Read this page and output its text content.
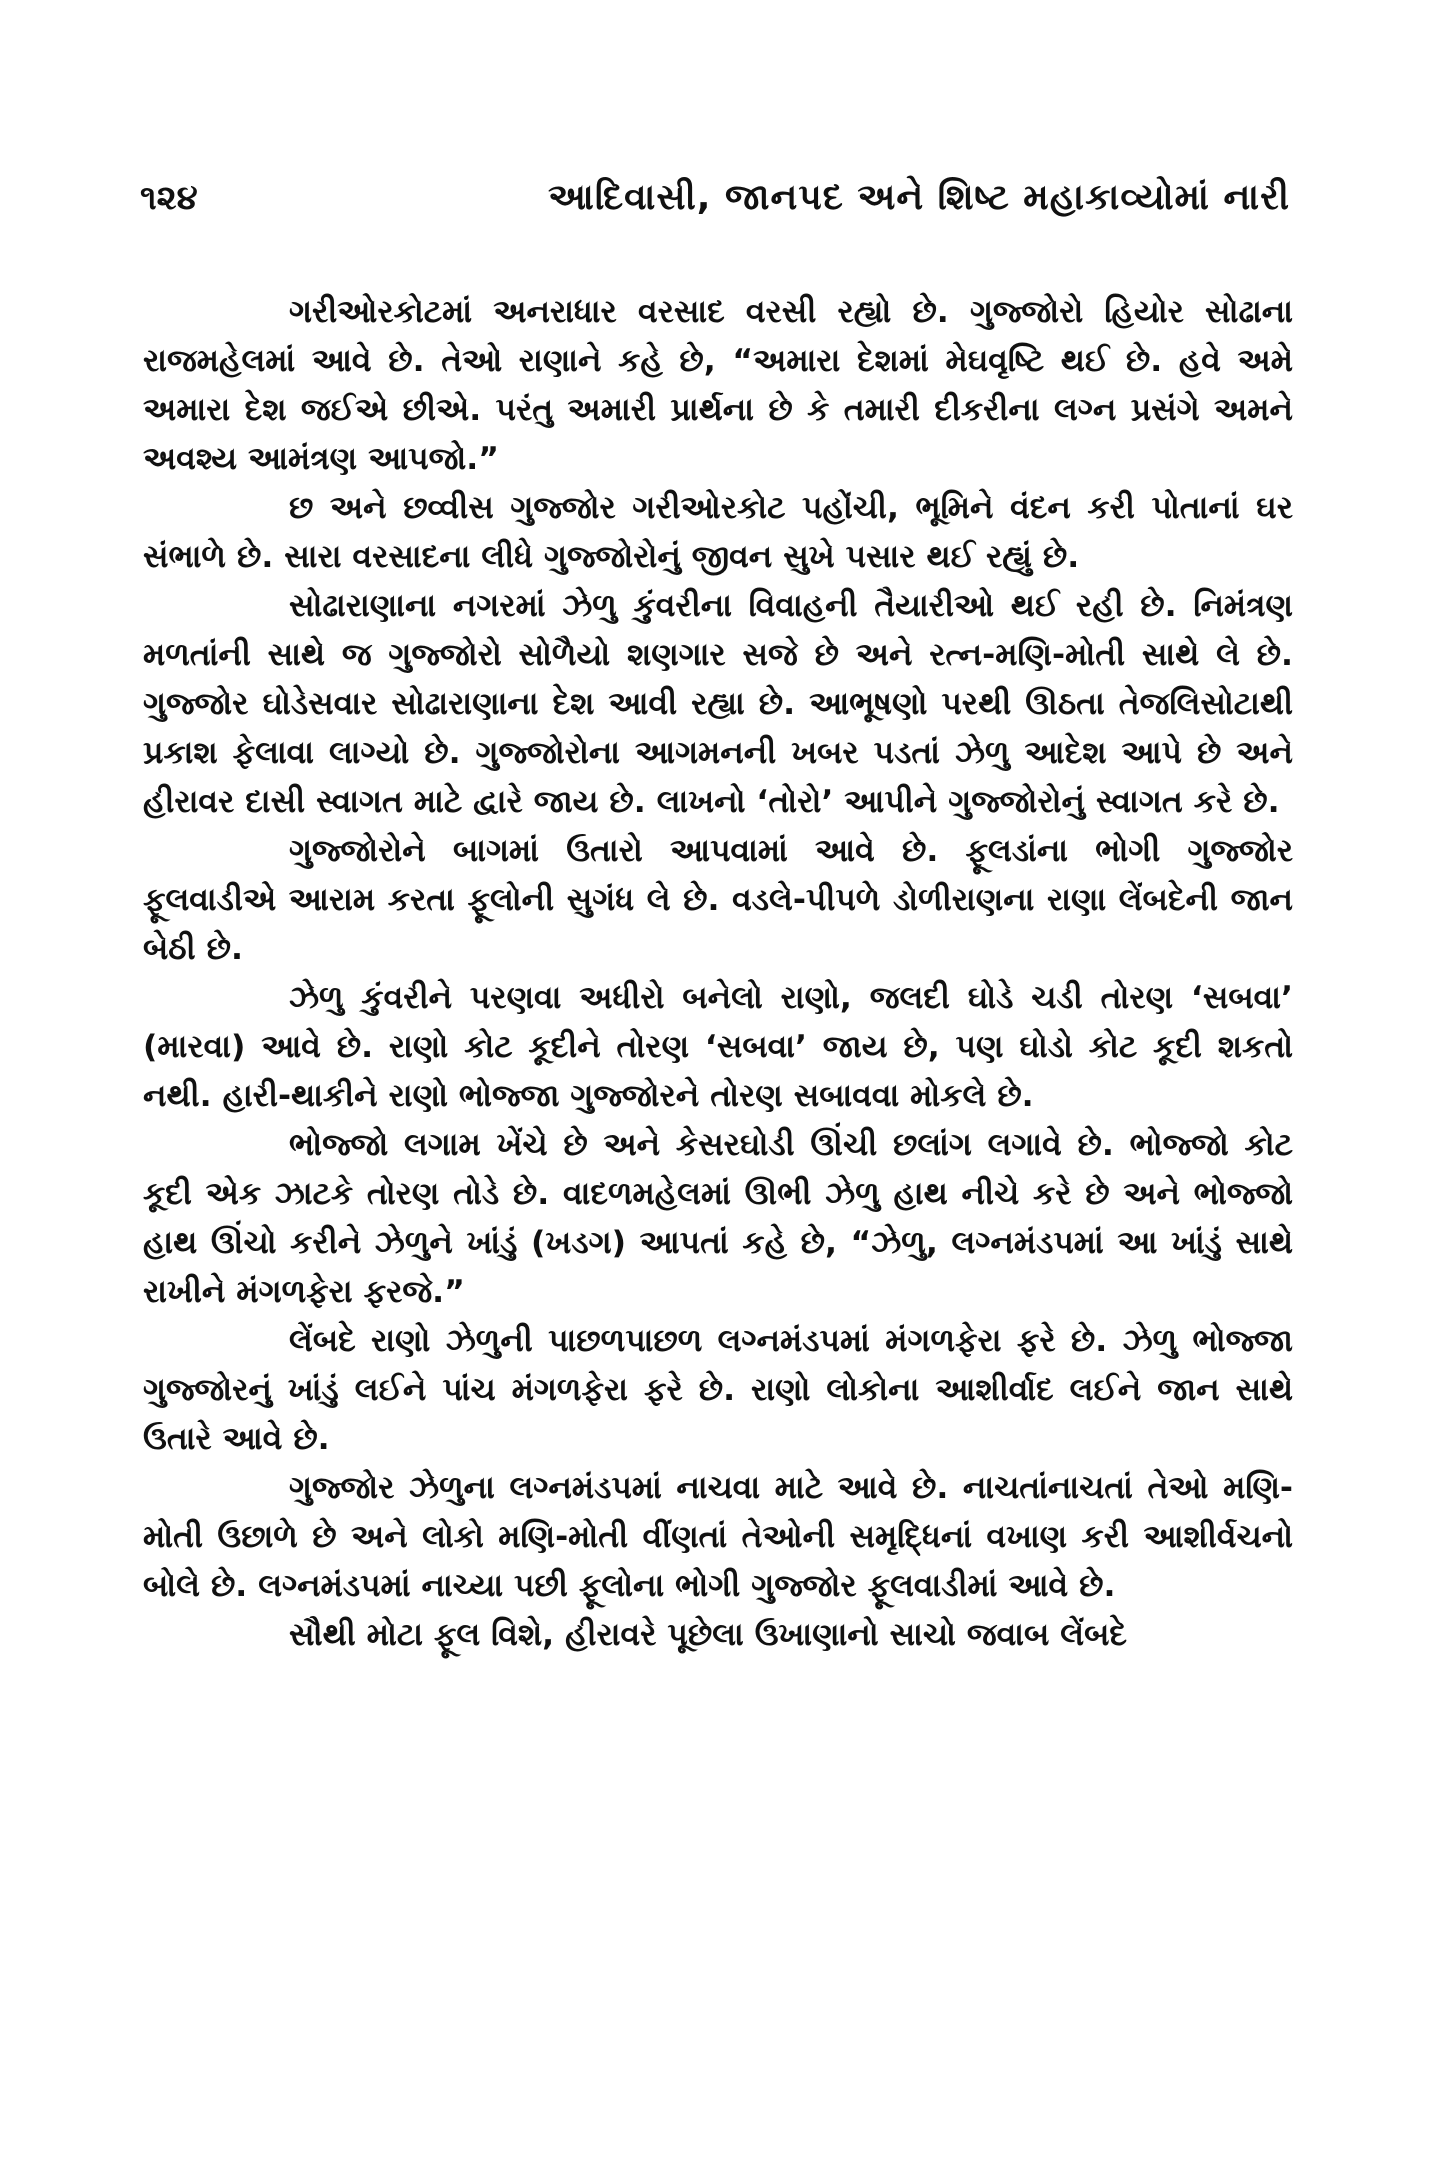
૧૨૪	આદિવાસી, જાનપદ અને શિષ્ટ મહાકાવ્યોમાં નારી

ગરીઓરકોટમાં અનરાધાર વરસાદ વરસી રહ્યો છે. ગુજ્જોરો હિયોર સોઢાના રાજમહેલમાં આવે છે. તેઓ રાણાને કહે છે, “અમારા દેશમાં મેઘવૃષ્ટિ થઈ છે. હવે અમે અમારા દેશ જઈએ છીએ. પરંતુ અમારી પ્રાર્થના છે કે તમારી દીકરીના લગ્ન પ્રસંગે અમને અવશ્ય આમંત્રણ આપજો.”

છ અને છવ્વીસ ગુજ્જોર ગરીઓરકોટ પહોંચી, ભૂમિને વંદન કરી પોતાનાં ઘર સંભાળે છે. સારા વરસાદના લીધે ગુજ્જોરોનું જીવન સુખે પસાર થઈ રહ્યું છે.

સોઢારાણાના નગરમાં ઝેળુ કુંવરીના વિવાહની તૈયારીઓ થઈ રહી છે. નિમંત્રણ મળતાંની સાથે જ ગુજ્જોરો સોળૈયો શણગાર સજે છે અને રત્ન-મણિ-મોતી સાથે લે છે. ગુજ્જોર ઘોડેસવાર સોઢારાણાના દેશ આવી રહ્યા છે. આભૂષણો પરથી ઊઠતા તેજલિસોટાથી પ્રકાશ ફેલાવા લાગ્યો છે. ગુજ્જોરોના આગમનની ખબર પડતાં ઝેળુ આદેશ આપે છે અને હીરાવર દાસી સ્વાગત માટે દ્વારે જાય છે. લાખનો ‘તોરો’ આપીને ગુજ્જોરોનું સ્વાગત કરે છે.

ગુજ્જોરોને બાગમાં ઉતારો આપવામાં આવે છે. ફૂલડાંના ભોગી ગુજ્જોર ફૂલવાડીએ આરામ કરતા ફૂલોની સુગંધ લે છે. વડલે-પીપળે ડોળીરાણના રાણા લેંબદેની જાન બેઠી છે.

ઝેળુ કુંવરીને પરણવા અધીરો બનેલો રાણો, જલદી ઘોડે ચડી તોરણ ‘સબવા’ (મારવા) આવે છે. રાણો કોટ કૂદીને તોરણ ‘સબવા’ જાય છે, પણ ઘોડો કોટ કૂદી શકતો નથી. હારી-થાકીને રાણો ભોજ્જા ગુજ્જોરને તોરણ સબાવવા મોકલે છે.

ભોજ્જો લગામ ખેંચે છે અને કેસરઘોડી ઊંચી છલાંગ લગાવે છે. ભોજ્જો કોટ કૂદી એક ઝાટકે તોરણ તોડે છે. વાદળમહેલમાં ઊભી ઝેળુ હાથ નીચે કરે છે અને ભોજ્જો હાથ ઊંચો કરીને ઝેળુને ખાંડું (ખડગ) આપતાં કહે છે, “ઝેળુ, લગ્નમંડપમાં આ ખાંડું સાથે રાખીને મંગળફેરા ફરજે.”

લેંબદે રાણો ઝેળુની પાછળપાછળ લગ્નમંડપમાં મંગળફેરા ફરે છે. ઝેળુ ભોજ્જા ગુજ્જોરનું ખાંડું લઈને પાંચ મંગળફેરા ફરે છે. રાણો લોકોના આશીર્વાદ લઈને જાન સાથે ઉતારે આવે છે.

ગુજ્જોર ઝેળુના લગ્નમંડપમાં નાચવા માટે આવે છે. નાચતાંનાચતાં તેઓ મણિ-મોતી ઉછાળે છે અને લોકો મણિ-મોતી વીંણતાં તેઓની સમૃદ્ધિનાં વખાણ કરી આશીર્વચનો બોલે છે. લગ્નમંડપમાં નાચ્યા પછી ફૂલોના ભોગી ગુજ્જોર ફૂલવાડીમાં આવે છે.

સૌથી મોટા ફૂલ વિશે, હીરાવરે પૂછેલા ઉખાણાનો સાચો જવાબ લેંબદે
